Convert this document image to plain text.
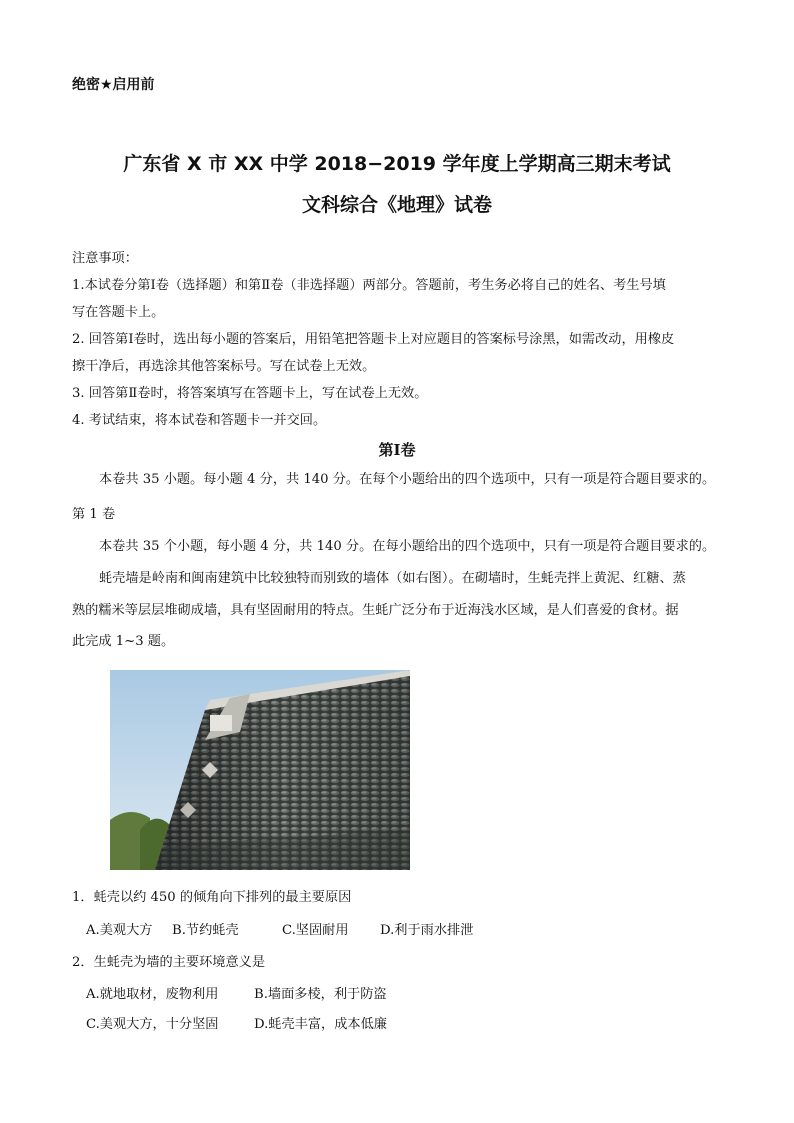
绝密★启用前
广东省 X 市 XX 中学 2018−2019 学年度上学期高三期末考试
文科综合《地理》试卷
注意事项：
1.本试卷分第Ⅰ卷（选择题）和第Ⅱ卷（非选择题）两部分。答题前，考生务必将自己的姓名、考生号填
写在答题卡上。
2. 回答第Ⅰ卷时，选出每小题的答案后，用铅笔把答题卡上对应题目的答案标号涂黑，如需改动，用橡皮
擦干净后，再选涂其他答案标号。写在试卷上无效。
3. 回答第Ⅱ卷时，将答案填写在答题卡上，写在试卷上无效。
4. 考试结束，将本试卷和答题卡一并交回。
第Ⅰ卷
本卷共 35 小题。每小题 4 分，共 140 分。在每个小题给出的四个选项中，只有一项是符合题目要求的。
第 1 卷
本卷共 35 个小题，每小题 4 分，共 140 分。在每小题给出的四个选项中，只有一项是符合题目要求的。
蚝壳墙是岭南和闽南建筑中比较独特而别致的墙体（如右图）。在砌墙时，生蚝壳拌上黄泥、红糖、蒸
熟的糯米等层层堆砌成墙，具有坚固耐用的特点。生蚝广泛分布于近海浅水区域，是人们喜爱的食材。据
此完成 1~3 题。
1．蚝壳以约 450 的倾角向下排列的最主要原因
A.美观大方 B.节约蚝壳	C.坚固耐用 D.利于雨水排泄
2．生蚝壳为墙的主要环境意义是
A.就地取材，废物利用	B.墙面多棱，利于防盗
C.美观大方，十分坚固	D.蚝壳丰富，成本低廉
